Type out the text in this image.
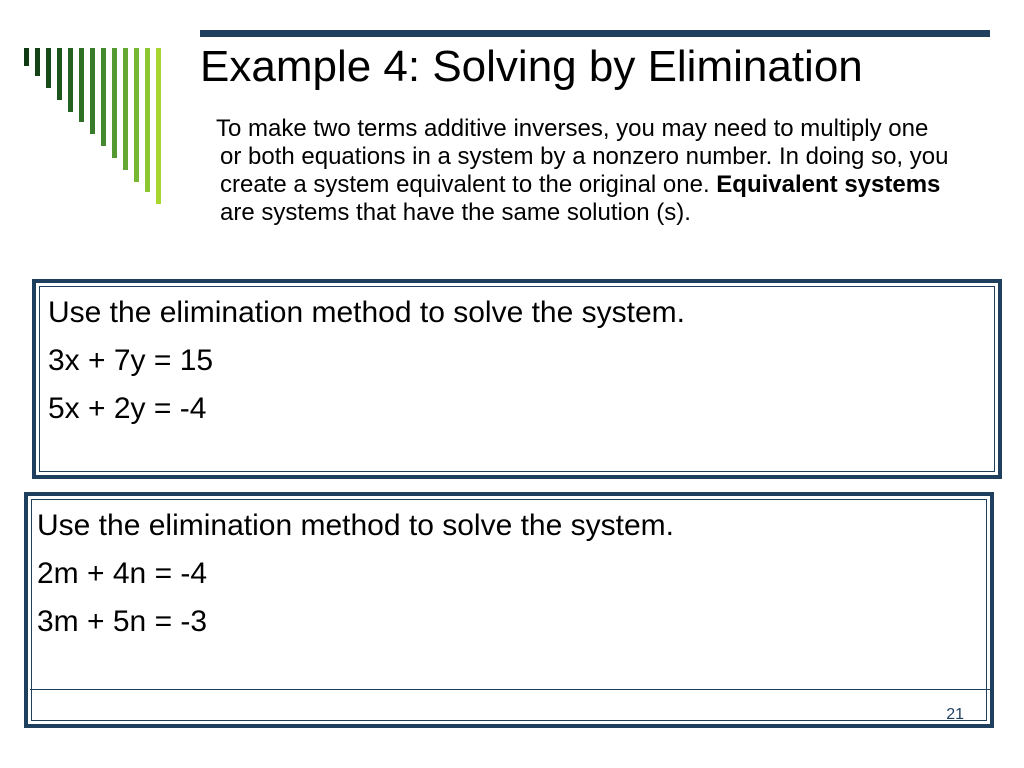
Example 4: Solving by Elimination

To make two terms additive inverses, you may need to multiply one or both equations in a system by a nonzero number. In doing so, you create a system equivalent to the original one. Equivalent systems are systems that have the same solution (s).

Use the elimination method to solve the system.

3x + 7y = 15

5x + 2y = -4

Use the elimination method to solve the system.

2m + 4n = -4

3m + 5n = -3

21
